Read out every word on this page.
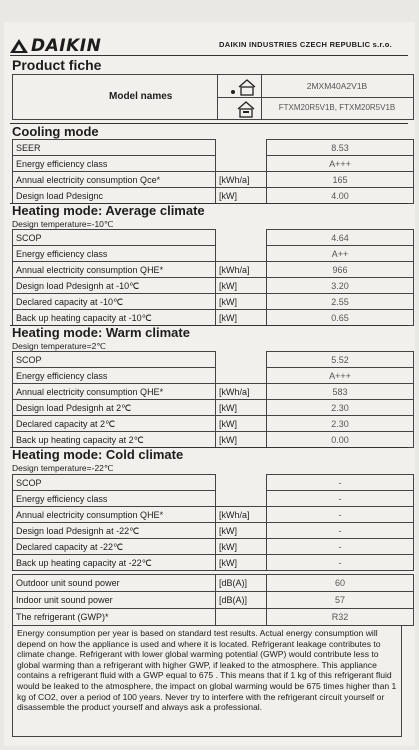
DAIKIN	DAIKIN INDUSTRIES CZECH REPUBLIC s.r.o.
Product fiche
Model names
2MXM40A2V1B
FTXM20R5V1B, FTXM20R5V1B
Cooling mode
SEER		8.53
Energy efficiency class		A+++
Annual electricity consumption Qce*	[kWh/a]	165
Design load Pdesignc	[kW]	4.00
Heating mode: Average climate
Design temperature=-10℃
SCOP		4.64
Energy efficiency class		A++
Annual electricity consumption QHE*	[kWh/a]	966
Design load Pdesignh at -10℃	[kW]	3.20
Declared capacity at -10℃	[kW]	2.55
Back up heating capacity at -10℃	[kW]	0.65
Heating mode: Warm climate
Design temperature=2℃
SCOP		5.52
Energy efficiency class		A+++
Annual electricity consumption QHE*	[kWh/a]	583
Design load Pdesignh at 2℃	[kW]	2.30
Declared capacity at 2℃	[kW]	2.30
Back up heating capacity at 2℃	[kW]	0.00
Heating mode: Cold climate
Design temperature=-22℃
SCOP		-
Energy efficiency class		-
Annual electricity consumption QHE*	[kWh/a]	-
Design load Pdesignh at -22℃	[kW]	-
Declared capacity at -22℃	[kW]	-
Back up heating capacity at -22℃	[kW]	-
Outdoor unit sound power	[dB(A)]	60
Indoor unit sound power	[dB(A)]	57
The refrigerant (GWP)*		R32
Energy consumption per year is based on standard test results. Actual energy consumption will depend on how the appliance is used and where it is located. Refrigerant leakage contributes to climate change. Refrigerant with lower global warming potential (GWP) would contribute less to global warming than a refrigerant with higher GWP, if leaked to the atmosphere. This appliance contains a refrigerant fluid with a GWP equal to 675 . This means that if 1 kg of this refrigerant fluid would be leaked to the atmosphere, the impact on global warming would be 675 times higher than 1 kg of CO2, over a period of 100 years. Never try to interfere with the refrigerant circuit yourself or disassemble the product yourself and always ask a professional.
